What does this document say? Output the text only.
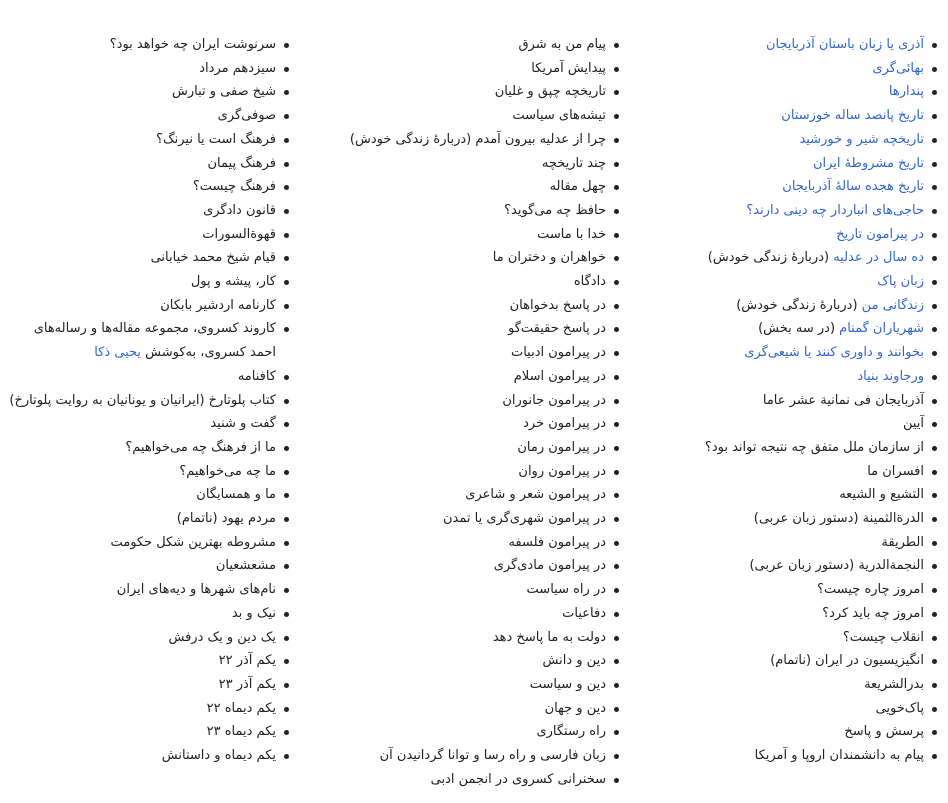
آذری یا زبان باستان آذربایجان
بهائی‌گری
پندارها
تاریخ پانصد ساله خوزستان
تاریخچه شیر و خورشید
تاریخ مشروطهٔ ایران
تاریخ هجده سالهٔ آذربایجان
حاجی‌های انباردار چه دینی دارند؟
در پیرامون تاریخ
ده سال در عدلیه (دربارهٔ زندگی خودش)
زبان پاک
زندگانی من (دربارهٔ زندگی خودش)
شهریاران گمنام (در سه بخش)
بخوانند و داوری کنند یا شیعی‌گری
ورجاوند بنیاد
آذربایجان فی نمانیة عشر عاما
آیین
از سازمان ملل متفق چه نتیجه تواند بود؟
افسران ما
التشیع و الشیعه
الدرةالثمینة (دستور زبان عربی)
الطریقة
النجمةالدریة (دستور زبان عربی)
امروز چاره چیست؟
امروز چه باید کرد؟
انقلاب چیست؟
انگیزیسیون در ایران (ناتمام)
بدرالشریعة
پاک‌خویی
پرسش و پاسخ
پیام به دانشمندان اروپا و آمریکا
پیام من به شرق
پیدایش آمریکا
تاریخچه چپق و غلیان
تیشه‌های سیاست
چرا از عدلیه بیرون آمدم (دربارهٔ زندگی خودش)
چند تاریخچه
چهل مقاله
حافظ چه می‌گوید؟
خدا با ماست
خواهران و دختران ما
دادگاه
در پاسخ بدخواهان
در پاسخ حقیقت‌گو
در پیرامون ادبیات
در پیرامون اسلام
در پیرامون جانوران
در پیرامون خرد
در پیرامون رمان
در پیرامون روان
در پیرامون شعر و شاعری
در پیرامون شهری‌گری یا تمدن
در پیرامون فلسفه
در پیرامون مادی‌گری
در راه سیاست
دفاعیات
دولت به ما پاسخ دهد
دین و دانش
دین و سیاست
دین و جهان
راه رستگاری
زبان فارسی و راه رسا و توانا گردانیدن آن
سخنرانی کسروی در انجمن ادبی
سرنوشت ایران چه خواهد بود؟
سیزدهم مرداد
شیخ صفی و تبارش
صوفی‌گری
فرهنگ است یا نیرنگ؟
فرهنگ پیمان
فرهنگ چیست؟
قانون دادگری
قهوة‌السورات
قیام شیخ محمد خیابانی
کار، پیشه و پول
کارنامه اردشیر بابکان
کاروند کسروی، مجموعه مقاله‌ها و رساله‌های احمد کسروی، به‌کوشش یحیی ذکا
کافنامه
کتاب پلوتارخ (ایرانیان و یونانیان به روایت پلوتارخ)
گفت و شنید
ما از فرهنگ چه می‌خواهیم؟
ما چه می‌خواهیم؟
ما و همسایگان
مردم یهود (ناتمام)
مشروطه بهترین شکل حکومت
مشعشعیان
نام‌های شهرها و دیه‌های ایران
نیک و بد
یک دین و یک درفش
یکم آذر ۲۲
یکم آذر ۲۳
یکم دیماه ۲۲
یکم دیماه ۲۳
یکم دیماه و داستانش
